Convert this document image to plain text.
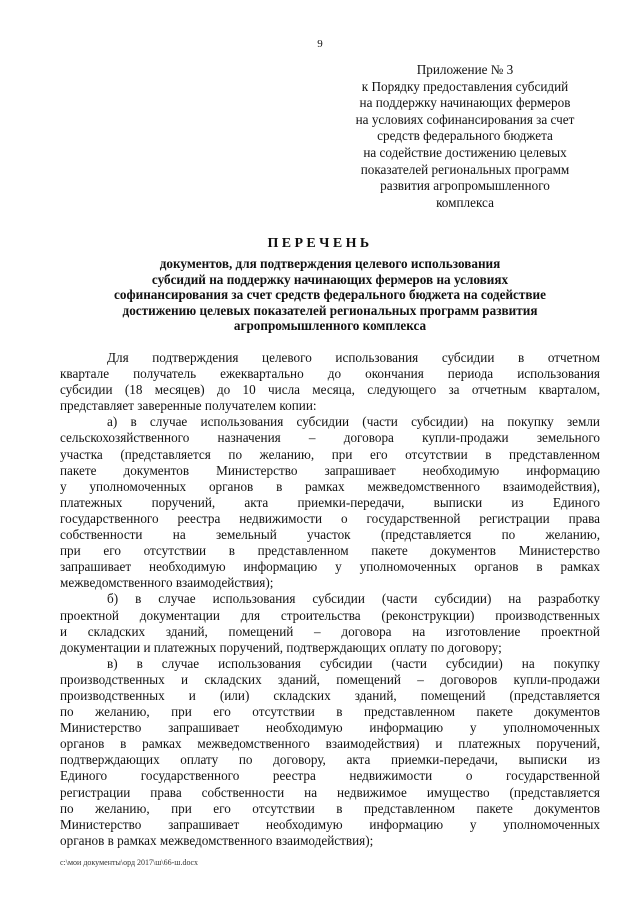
9
Приложение № 3
к Порядку предоставления субсидий
на поддержку начинающих фермеров
на условиях софинансирования за счет
средств федерального бюджета
на содействие достижению целевых
показателей региональных программ
развития агропромышленного
комплекса
ПЕРЕЧЕНЬ
документов, для подтверждения целевого использования
субсидий на поддержку начинающих фермеров на условиях
софинансирования за счет средств федерального бюджета на содействие
достижению целевых показателей региональных программ развития
агропромышленного комплекса
Для подтверждения целевого использования субсидии в отчетном
квартале получатель ежеквартально до окончания периода использования
субсидии (18 месяцев) до 10 числа месяца, следующего за отчетным кварталом,
представляет заверенные получателем копии:
а) в случае использования субсидии (части субсидии) на покупку земли
сельскохозяйственного назначения – договора купли-продажи земельного
участка (представляется по желанию, при его отсутствии в представленном
пакете документов Министерство запрашивает необходимую информацию
у уполномоченных органов в рамках межведомственного взаимодействия),
платежных поручений, акта приемки-передачи, выписки из Единого
государственного реестра недвижимости о государственной регистрации права
собственности на земельный участок (представляется по желанию,
при его отсутствии в представленном пакете документов Министерство
запрашивает необходимую информацию у уполномоченных органов в рамках
межведомственного взаимодействия);
б) в случае использования субсидии (части субсидии) на разработку
проектной документации для строительства (реконструкции) производственных
и складских зданий, помещений – договора на изготовление проектной
документации и платежных поручений, подтверждающих оплату по договору;
в) в случае использования субсидии (части субсидии) на покупку
производственных и складских зданий, помещений – договоров купли-продажи
производственных и (или) складских зданий, помещений (представляется
по желанию, при его отсутствии в представленном пакете документов
Министерство запрашивает необходимую информацию у уполномоченных
органов в рамках межведомственного взаимодействия) и платежных поручений,
подтверждающих оплату по договору, акта приемки-передачи, выписки из
Единого государственного реестра недвижимости о государственной
регистрации права собственности на недвижимое имущество (представляется
по желанию, при его отсутствии в представленном пакете документов
Министерство запрашивает необходимую информацию у уполномоченных
органов в рамках межведомственного взаимодействия);
c:\мои документы\орд 2017\ш\66-ш.docx
